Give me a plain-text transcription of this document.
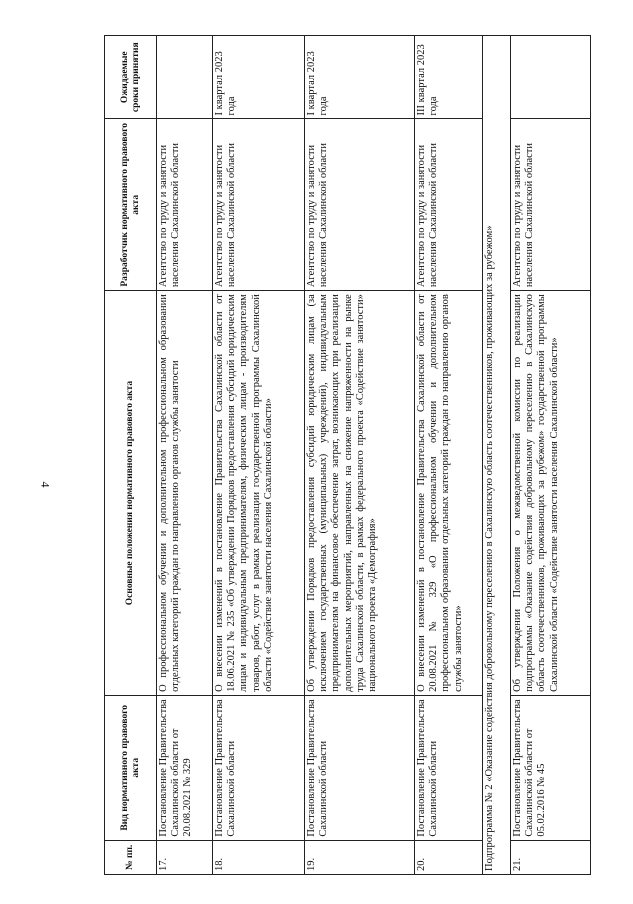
4
№ пп.	Вид нормативного правового акта	Основные положения нормативного правового акта	Разработчик нормативного правового акта	Ожидаемые сроки принятия
17.	Постановление Правительства Сахалинской области от 20.08.2021 № 329	О профессиональном обучении и дополнительном профессиональном образовании отдельных категорий граждан по направлению органов службы занятости	Агентство по труду и занятости населения Сахалинской области	
18.	Постановление Правительства Сахалинской области	О внесении изменений в постановление Правительства Сахалинской области от 18.06.2021 № 235 «Об утверждении Порядков предоставления субсидий юридическим лицам и индивидуальным предпринимателям, физическим лицам - производителям товаров, работ, услуг в рамках реализации государственной программы Сахалинской области «Содействие занятости населения Сахалинской области»	Агентство по труду и занятости населения Сахалинской области	I квартал 2023 года
19.	Постановление Правительства Сахалинской области	Об утверждении Порядков предоставления субсидий юридическим лицам (за исключением государственных (муниципальных) учреждений), индивидуальным предпринимателям на финансовое обеспечение затрат, возникающих при реализации дополнительных мероприятий, направленных на снижение напряженности на рынке труда Сахалинской области, в рамках федерального проекта «Содействие занятости» национального проекта «Демография»	Агентство по труду и занятости населения Сахалинской области	I квартал 2023 года
20.	Постановление Правительства Сахалинской области	О внесении изменений в постановление Правительства Сахалинской области от 20.08.2021 № 329 «О профессиональном обучении и дополнительном профессиональном образовании отдельных категорий граждан по направлению органов службы занятости»	Агентство по труду и занятости населения Сахалинской области	III квартал 2023 года
Подпрограмма № 2 «Оказание содействия добровольному переселению в Сахалинскую область соотечественников, проживающих за рубежом»				
21.	Постановление Правительства Сахалинской области от 05.02.2016 № 45	Об утверждении Положения о межведомственной комиссии по реализации подпрограммы «Оказание содействия добровольному переселению в Сахалинскую область соотечественников, проживающих за рубежом» государственной программы Сахалинской области «Содействие занятости населения Сахалинской области»	Агентство по труду и занятости населения Сахалинской области	
